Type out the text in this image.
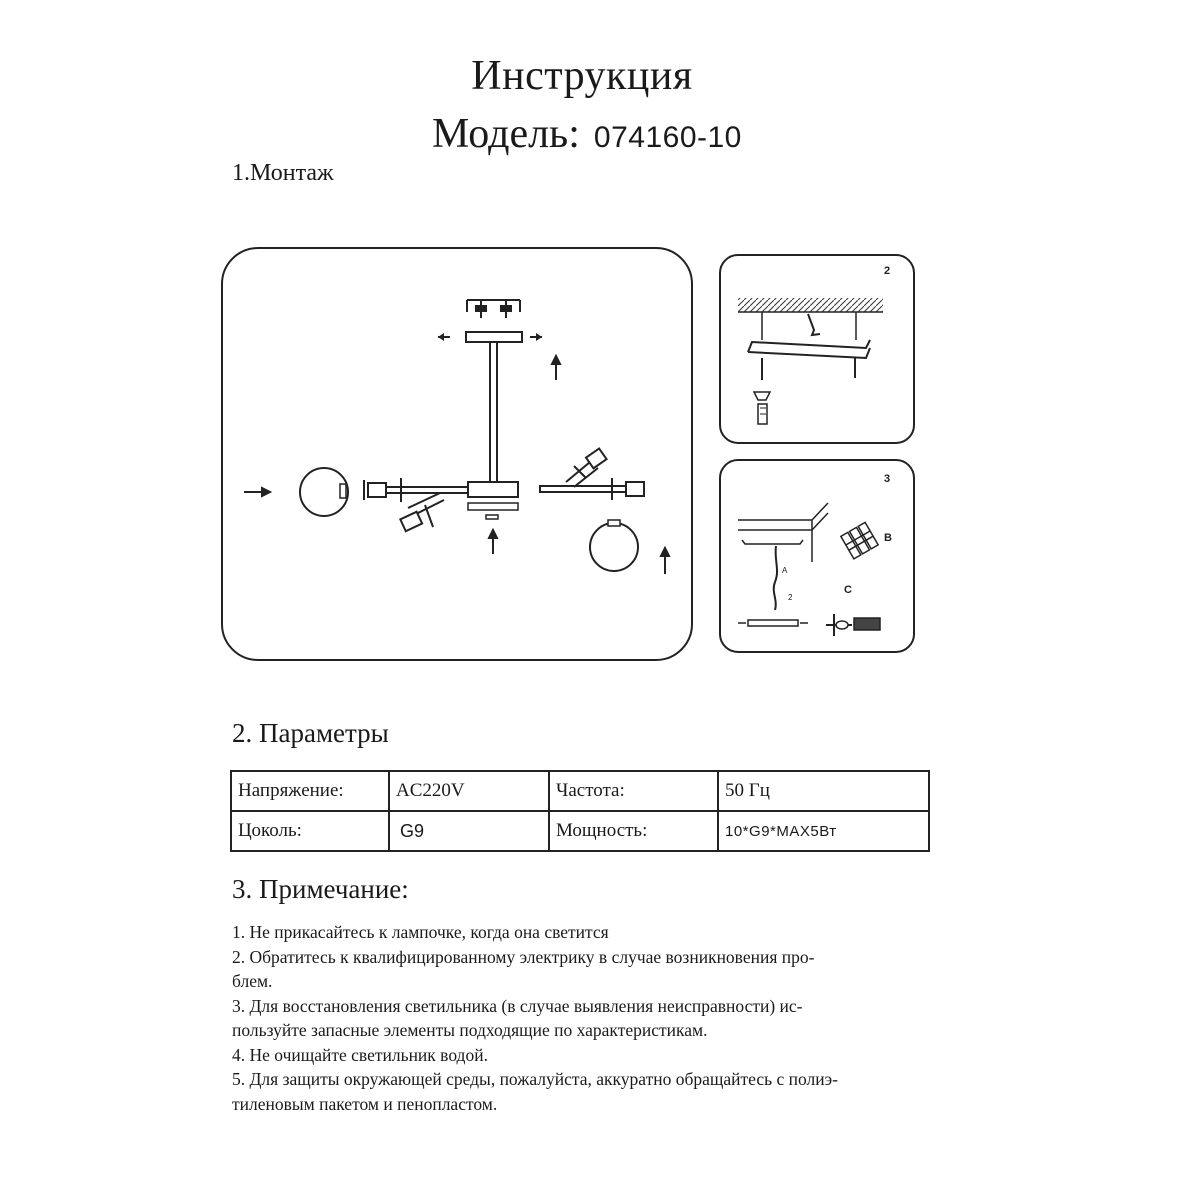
Инструкция
Модель: 074160-10
1.Монтаж
2
3
A
2
B
C
2. Параметры
Напряжение:	AC220V	Частота:	50 Гц
Цоколь:	G9	Мощность:	10*G9*MAX5Вт
3. Примечание:
1. Не прикасайтесь к лампочке, когда она светится
2. Обратитесь к квалифицированному электрику в случае возникновения про-
блем.
3. Для восстановления светильника (в случае выявления неисправности) ис-
пользуйте запасные элементы подходящие по характеристикам.
4. Не очищайте светильник водой.
5. Для защиты окружающей среды, пожалуйста, аккуратно обращайтесь с полиэ-
тиленовым пакетом и пенопластом.
